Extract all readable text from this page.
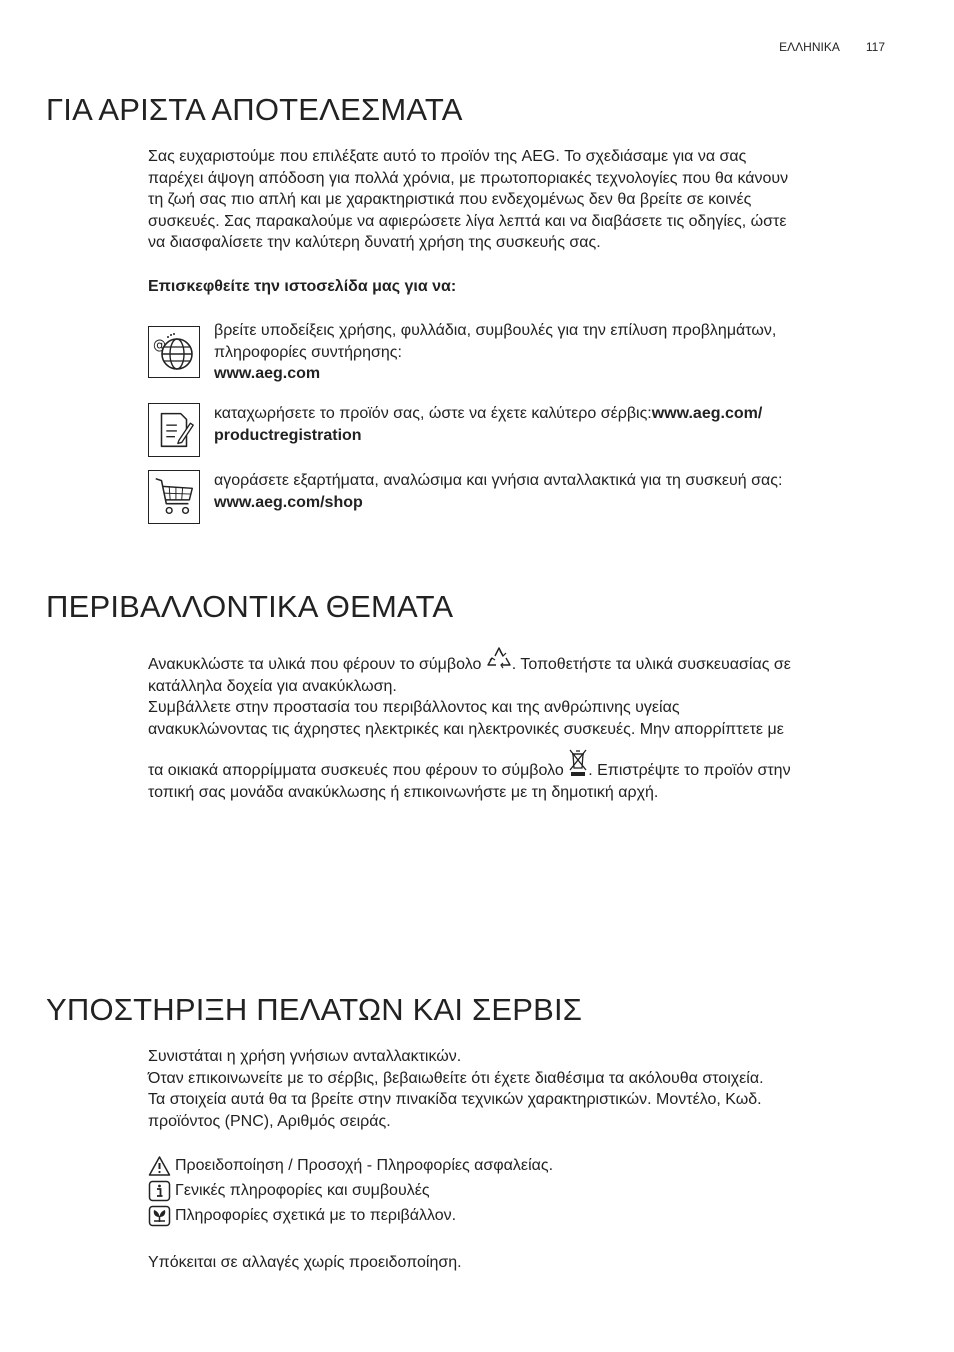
ΕΛΛΗΝΙΚΑ 117
ΓΙΑ ΑΡΙΣΤΑ ΑΠΟΤΕΛΕΣΜΑΤΑ

Σας ευχαριστούμε που επιλέξατε αυτό το προϊόν της AEG. Το σχεδιάσαμε για να σας

παρέχει άψογη απόδοση για πολλά χρόνια, με πρωτοποριακές τεχνολογίες που θα κάνουν

τη ζωή σας πιο απλή και με χαρακτηριστικά που ενδεχομένως δεν θα βρείτε σε κοινές

συσκευές. Σας παρακαλούμε να αφιερώσετε λίγα λεπτά και να διαβάσετε τις οδηγίες, ώστε

να διασφαλίσετε την καλύτερη δυνατή χρήση της συσκευής σας.

Επισκεφθείτε την ιστοσελίδα μας για να:
@

βρείτε υποδείξεις χρήσης, φυλλάδια, συμβουλές για την επίλυση προβλημάτων,

πληροφορίες συντήρησης:

www.aeg.com

καταχωρήσετε το προϊόν σας, ώστε να έχετε καλύτερο σέρβις:www.aeg.com/
productregistration
αγοράσετε εξαρτήματα, αναλώσιμα και γνήσια ανταλλακτικά για τη συσκευή σας:
www.aeg.com/shop
ΠΕΡΙΒΑΛΛΟΝΤΙΚΑ ΘΕΜΑΤΑ

Ανακυκλώστε τα υλικά που φέρουν το σύμβολο . Τοποθετήστε τα υλικά συσκευασίας σε

κατάλληλα δοχεία για ανακύκλωση.

Συμβάλλετε στην προστασία του περιβάλλοντος και της ανθρώπινης υγείας

ανακυκλώνοντας τις άχρηστες ηλεκτρικές και ηλεκτρονικές συσκευές. Μην απορρίπτετε με

τα οικιακά απορρίμματα συσκευές που φέρουν το σύμβολο . Επιστρέψτε το προϊόν στην

τοπική σας μονάδα ανακύκλωσης ή επικοινωνήστε με τη δημοτική αρχή.

ΥΠΟΣΤΗΡΙΞΗ ΠΕΛΑΤΩΝ ΚΑΙ ΣΕΡΒΙΣ

Συνιστάται η χρήση γνήσιων ανταλλακτικών.

Όταν επικοινωνείτε με το σέρβις, βεβαιωθείτε ότι έχετε διαθέσιμα τα ακόλουθα στοιχεία.

Τα στοιχεία αυτά θα τα βρείτε στην πινακίδα τεχνικών χαρακτηριστικών. Μοντέλο, Κωδ.

προϊόντος (PNC), Αριθμός σειράς.

Προειδοποίηση / Προσοχή - Πληροφορίες ασφαλείας.
Γενικές πληροφορίες και συμβουλές
Πληροφορίες σχετικά με το περιβάλλον.
Υπόκειται σε αλλαγές χωρίς προειδοποίηση.
